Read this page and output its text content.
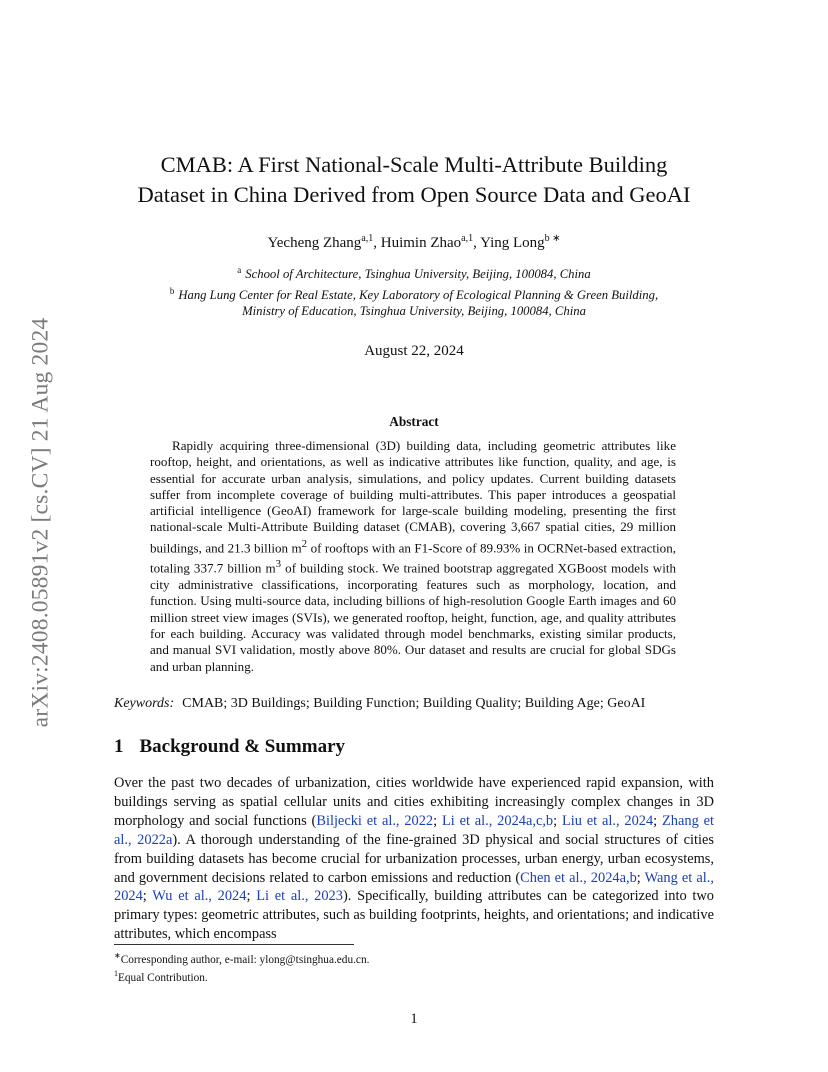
arXiv:2408.05891v2 [cs.CV] 21 Aug 2024
CMAB: A First National-Scale Multi-Attribute Building
Dataset in China Derived from Open Source Data and GeoAI
Yecheng Zhang$^{a,1}$, Huimin Zhao$^{a,1}$, Ying Long$^{b ∗}$
$^a$ School of Architecture, Tsinghua University, Beijing, 100084, China
$^b$ Hang Lung Center for Real Estate, Key Laboratory of Ecological Planning & Green Building,
Ministry of Education, Tsinghua University, Beijing, 100084, China
August 22, 2024
Abstract

Rapidly acquiring three-dimensional (3D) building data, including geometric attributes like rooftop, height, and orientations, as well as indicative attributes like function, quality, and age, is essential for accurate urban analysis, simulations, and policy updates. Current building datasets suffer from incomplete coverage of building multi-attributes. This paper introduces a geospatial artificial intelligence (GeoAI) framework for large-scale building modeling, presenting the first national-scale Multi-Attribute Building dataset (CMAB), covering 3,667 spatial cities, 29 million buildings, and 21.3 billion $m^2$ of rooftops with an F1-Score of 89.93% in OCRNet-based extraction, totaling 337.7 billion $m^3$ of building stock. We trained bootstrap aggregated XGBoost models with city administrative classifications, incorporating features such as morphology, location, and function. Using multi-source data, including billions of high-resolution Google Earth images and 60 million street view images (SVIs), we generated rooftop, height, function, age, and quality attributes for each building. Accuracy was validated through model benchmarks, existing similar products, and manual SVI validation, mostly above 80%. Our dataset and results are crucial for global SDGs and urban planning.

Keywords: CMAB; 3D Buildings; Building Function; Building Quality; Building Age; GeoAI
1 Background & Summary

Over the past two decades of urbanization, cities worldwide have experienced rapid expansion, with buildings serving as spatial cellular units and cities exhibiting increasingly complex changes in 3D morphology and social functions (Biljecki et al., 2022; Li et al., 2024a,c,b; Liu et al., 2024; Zhang et al., 2022a). A thorough understanding of the fine-grained 3D physical and social structures of cities from building datasets has become crucial for urbanization processes, urban energy, urban ecosystems, and government decisions related to carbon emissions and reduction (Chen et al., 2024a,b; Wang et al., 2024; Wu et al., 2024; Li et al., 2023). Specifically, building attributes can be categorized into two primary types: geometric attributes, such as building footprints, heights, and orientations; and indicative attributes, which encompass

∗Corresponding author, e-mail: ylong@tsinghua.edu.cn.
$^1$Equal Contribution.
1
